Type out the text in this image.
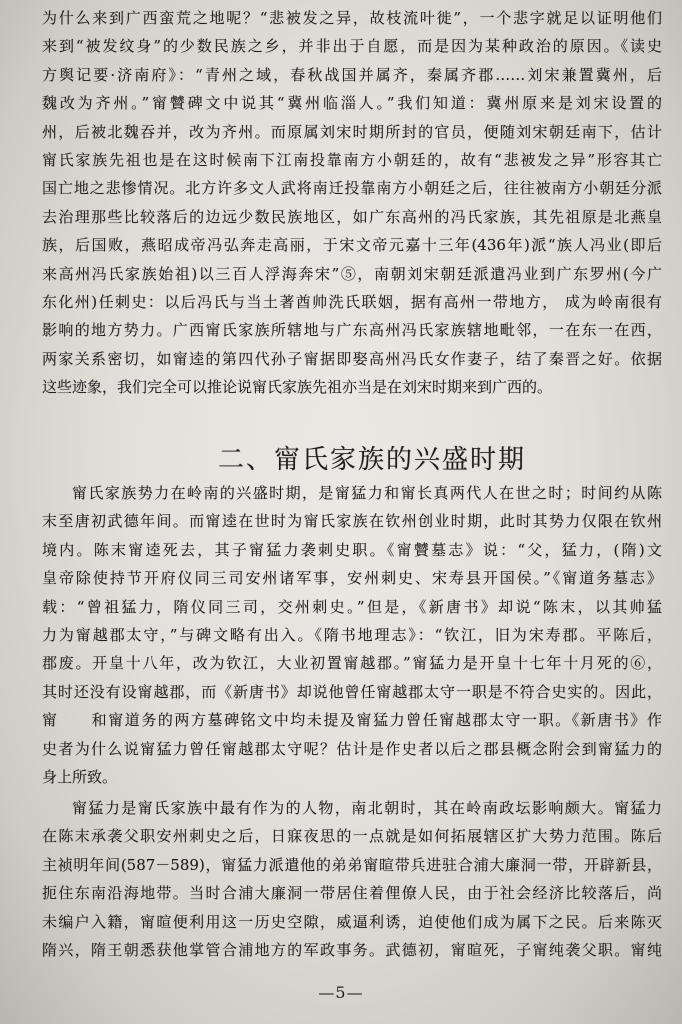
为什么来到广西蛮荒之地呢？“悲被发之异，故枝流叶徙”，一个悲字就足以证明他们
来到“被发纹身”的少数民族之乡，并非出于自愿，而是因为某种政治的原因。《读史
方舆记要·济南府》：“青州之域，春秋战国并属齐，秦属齐郡……刘宋兼置冀州，后
魏改为齐州。”甯贙碑文中说其“冀州临淄人。”我们知道：冀州原来是刘宋设置的
州，后被北魏吞并，改为齐州。而原属刘宋时期所封的官员，便随刘宋朝廷南下，估计
甯氏家族先祖也是在这时候南下江南投靠南方小朝廷的，故有“悲被发之异”形容其亡
国亡地之悲惨情况。北方许多文人武将南迁投靠南方小朝廷之后，往往被南方小朝廷分派
去治理那些比较落后的边远少数民族地区，如广东高州的冯氏家族，其先祖原是北燕皇
族，后国败，燕昭成帝冯弘奔走高丽，于宋文帝元嘉十三年(436年)派“族人冯业(即后
来高州冯氏家族始祖)以三百人浮海奔宋”⑤，南朝刘宋朝廷派遣冯业到广东罗州(今广
东化州)任刺史：以后冯氏与当土著酋帅洗氏联姻，据有高州一带地方， 成为岭南很有
影响的地方势力。广西甯氏家族所辖地与广东高州冯氏家族辖地毗邻，一在东一在西，
两家关系密切，如甯逵的第四代孙子甯据即娶高州冯氏女作妻子，结了秦晋之好。依据
这些迹象，我们完全可以推论说甯氏家族先祖亦当是在刘宋时期来到广西的。
二、甯氏家族的兴盛时期
甯氏家族势力在岭南的兴盛时期，是甯猛力和甯长真两代人在世之时；时间约从陈
末至唐初武德年间。而甯逵在世时为甯氏家族在钦州创业时期，此时其势力仅限在钦州
境内。陈末甯逵死去，其子甯猛力袭刺史职。《甯贙墓志》说：“父，猛力，(隋)文
皇帝除使持节开府仪同三司安州诸军事，安州刺史、宋寿县开国侯。”《甯道务墓志》
载：“曾祖猛力，隋仪同三司，交州刺史。”但是，《新唐书》却说“陈末，以其帅猛
力为甯越郡太守，”与碑文略有出入。《隋书地理志》：“钦江，旧为宋寿郡。平陈后，
郡废。开皇十八年，改为钦江，大业初置甯越郡。”甯猛力是开皇十七年十月死的⑥，
其时还没有设甯越郡，而《新唐书》却说他曾任甯越郡太守一职是不符合史实的。因此，
甯　　和甯道务的两方墓碑铭文中均未提及甯猛力曾任甯越郡太守一职。《新唐书》作
史者为什么说甯猛力曾任甯越郡太守呢？估计是作史者以后之郡县概念附会到甯猛力的
身上所致。
甯猛力是甯氏家族中最有作为的人物，南北朝时，其在岭南政坛影响颇大。甯猛力
在陈末承袭父职安州刺史之后，日寐夜思的一点就是如何拓展辖区扩大势力范围。陈后
主祯明年间(587－589)，甯猛力派遣他的弟弟甯暄带兵进驻合浦大廉洞一带，开辟新县，
扼住东南沿海地带。当时合浦大廉洞一带居住着俚僚人民，由于社会经济比较落后，尚
未编户入籍，甯暄便利用这一历史空隙，威逼利诱，迫使他们成为属下之民。后来陈灭
隋兴，隋王朝悉获他掌管合浦地方的军政事务。武德初，甯暄死，子甯纯袭父职。甯纯
—5—
